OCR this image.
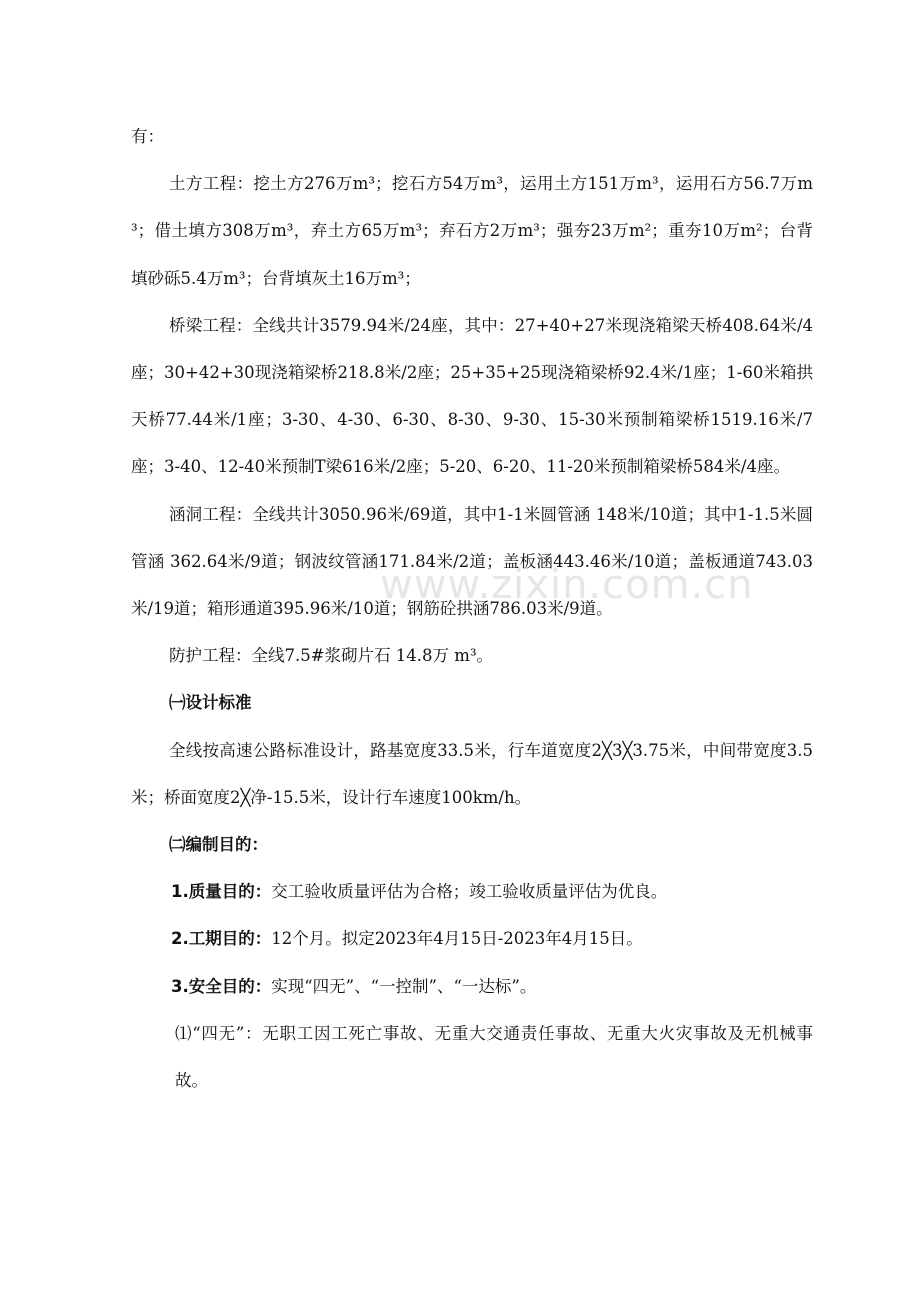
www.zixin.com.cn

有：

土方工程：挖土方276万m³；挖石方54万m³，运用土方151万m³，运用石方56.7万m³；借土填方308万m³，弃土方65万m³；弃石方2万m³；强夯23万m²；重夯10万m²；台背填砂砾5.4万m³；台背填灰土16万m³；

桥梁工程：全线共计3579.94米/24座，其中：27+40+27米现浇箱梁天桥408.64米/4座；30+42+30现浇箱梁桥218.8米/2座；25+35+25现浇箱梁桥92.4米/1座；1-60米箱拱天桥77.44米/1座；3-30、4-30、6-30、8-30、9-30、15-30米预制箱梁桥1519.16米/7座；3-40、12-40米预制T梁616米/2座；5-20、6-20、11-20米预制箱梁桥584米/4座。

涵洞工程：全线共计3050.96米/69道，其中1-1米圆管涵 148米/10道；其中1-1.5米圆管涵 362.64米/9道；钢波纹管涵171.84米/2道；盖板涵443.46米/10道；盖板通道743.03米/19道；箱形通道395.96米/10道；钢筋砼拱涵786.03米/9道。

防护工程：全线7.5#浆砌片石 14.8万 m³。

㈠设计标准

全线按高速公路标准设计，路基宽度33.5米，行车道宽度2╳3╳3.75米，中间带宽度3.5米；桥面宽度2╳净-15.5米，设计行车速度100km/h。

㈡编制目的：

1.质量目的：交工验收质量评估为合格；竣工验收质量评估为优良。

2.工期目的：12个月。拟定2023年4月15日-2023年4月15日。

3.安全目的：实现“四无”、“一控制”、“一达标”。

⑴“四无”：无职工因工死亡事故、无重大交通责任事故、无重大火灾事故及无机械事故。
